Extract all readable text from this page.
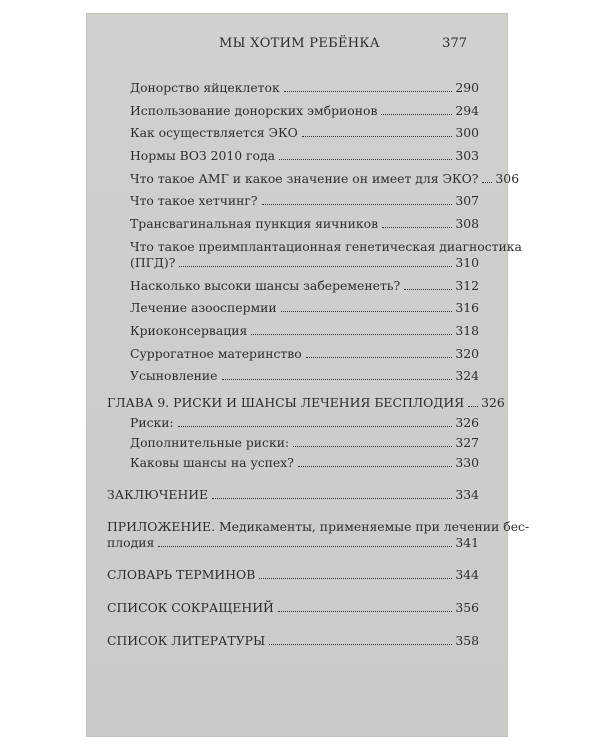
МЫ ХОТИМ РЕБЁНКА	377
Донорство яйцеклеток	290
Использование донорских эмбрионов	294
Как осуществляется ЭКО	300
Нормы ВОЗ 2010 года	303
Что такое АМГ и какое значение он имеет для ЭКО? 306
Что такое хетчинг?	307
Трансвагинальная пункция яичников	308
Что такое преимплантационная генетическая диагностика
(ПГД)?	310
Насколько высоки шансы забеременеть?	312
Лечение азооспермии	316
Криоконсервация	318
Суррогатное материнство	320
Усыновление	324
ГЛАВА 9. РИСКИ И ШАНСЫ ЛЕЧЕНИЯ БЕСПЛОДИЯ 326
Риски:	326
Дополнительные риски:	327
Каковы шансы на успех?	330
ЗАКЛЮЧЕНИЕ	334
ПРИЛОЖЕНИЕ. Медикаменты, применяемые при лечении бес-
плодия	341
СЛОВАРЬ ТЕРМИНОВ	344
СПИСОК СОКРАЩЕНИЙ	356
СПИСОК ЛИТЕРАТУРЫ	358
